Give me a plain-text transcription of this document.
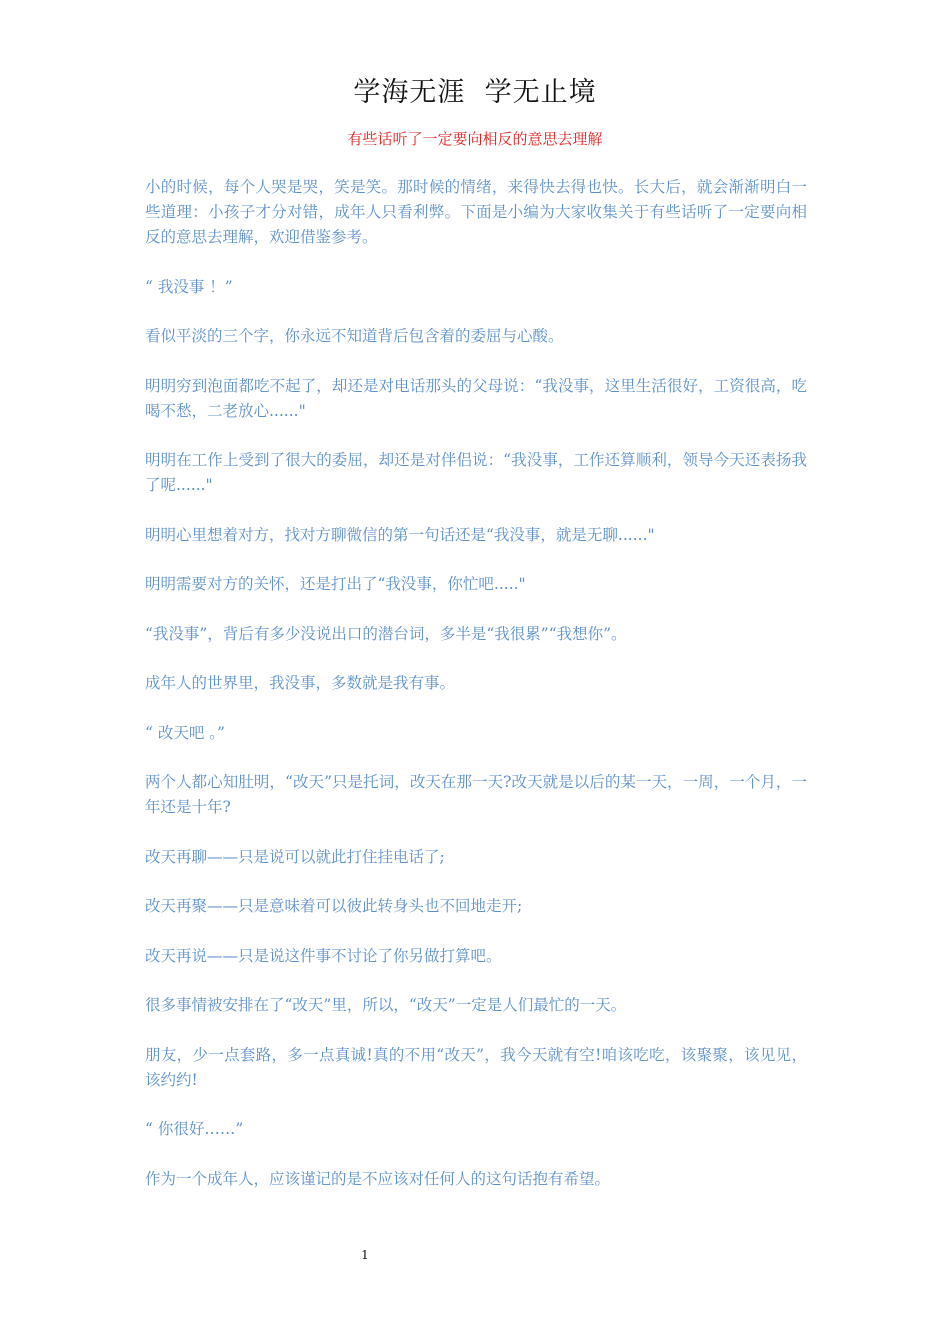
学海无涯  学无止境
有些话听了一定要向相反的意思去理解

小的时候，每个人哭是哭，笑是笑。那时候的情绪，来得快去得也快。长大后，就会渐渐明白一些道理：小孩子才分对错，成年人只看利弊。下面是小编为大家收集关于有些话听了一定要向相反的意思去理解，欢迎借鉴参考。

“ 我没事 ！”

看似平淡的三个字，你永远不知道背后包含着的委屈与心酸。

明明穷到泡面都吃不起了，却还是对电话那头的父母说：“我没事，这里生活很好，工资很高，吃喝不愁，二老放心......"

明明在工作上受到了很大的委屈，却还是对伴侣说：“我没事，工作还算顺利，领导今天还表扬我了呢......"

明明心里想着对方，找对方聊微信的第一句话还是“我没事，就是无聊......"

明明需要对方的关怀，还是打出了“我没事，你忙吧....."

“我没事”，背后有多少没说出口的潜台词，多半是“我很累”“我想你”。

成年人的世界里，我没事，多数就是我有事。

“ 改天吧 。”

两个人都心知肚明，“改天”只是托词，改天在那一天?改天就是以后的某一天，一周，一个月，一年还是十年?

改天再聊——只是说可以就此打住挂电话了;

改天再聚——只是意味着可以彼此转身头也不回地走开;

改天再说——只是说这件事不讨论了你另做打算吧。

很多事情被安排在了“改天”里，所以，“改天”一定是人们最忙的一天。

朋友，少一点套路，多一点真诚!真的不用“改天”，我今天就有空!咱该吃吃，该聚聚，该见见，该约约!

“ 你很好……”

作为一个成年人，应该谨记的是不应该对任何人的这句话抱有希望。

1
